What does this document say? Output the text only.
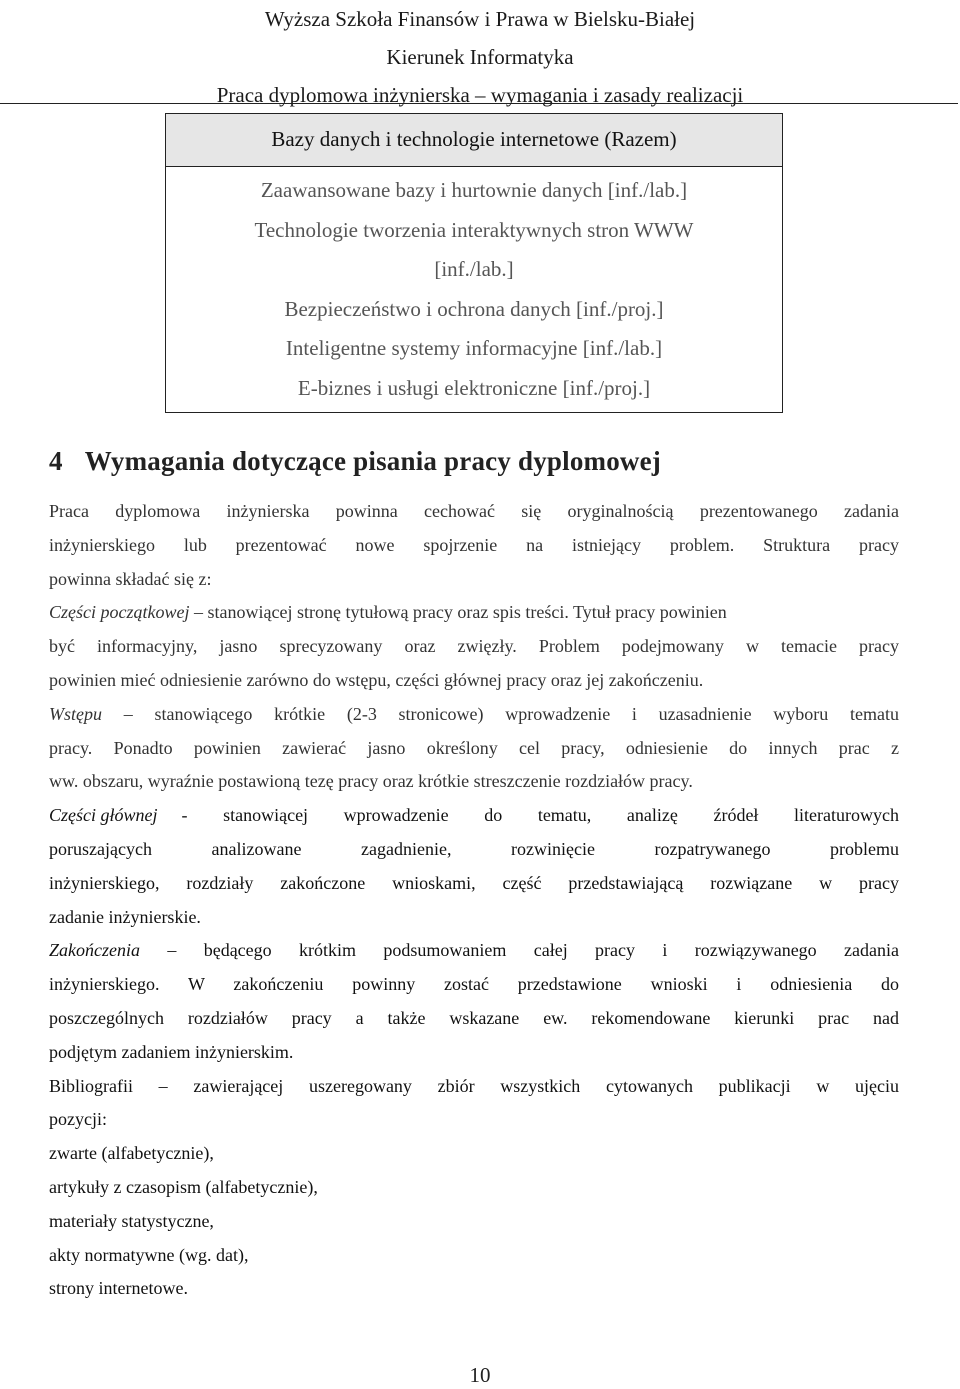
Wyższa Szkoła Finansów i Prawa w Bielsku-Białej
Kierunek Informatyka
Praca dyplomowa inżynierska – wymagania i zasady realizacji
Bazy danych i technologie internetowe (Razem)
Zaawansowane bazy i hurtownie danych [inf./lab.]
Technologie tworzenia interaktywnych stron WWW
[inf./lab.]
Bezpieczeństwo i ochrona danych [inf./proj.]
Inteligentne systemy informacyjne [inf./lab.]
E-biznes i usługi elektroniczne [inf./proj.]
4 Wymagania dotyczące pisania pracy dyplomowej
Praca dyplomowa inżynierska powinna cechować się oryginalnością prezentowanego zadania
inżynierskiego lub prezentować nowe spojrzenie na istniejący problem. Struktura pracy
powinna składać się z:
Części początkowej – stanowiącej stronę tytułową pracy oraz spis treści. Tytuł pracy powinien
być informacyjny, jasno sprecyzowany oraz zwięzły. Problem podejmowany w temacie pracy
powinien mieć odniesienie zarówno do wstępu, części głównej pracy oraz jej zakończeniu.
Wstępu – stanowiącego krótkie (2-3 stronicowe) wprowadzenie i uzasadnienie wyboru tematu
pracy. Ponadto powinien zawierać jasno określony cel pracy, odniesienie do innych prac z
ww. obszaru, wyraźnie postawioną tezę pracy oraz krótkie streszczenie rozdziałów pracy.
Części głównej - stanowiącej wprowadzenie do tematu, analizę źródeł literaturowych
poruszających analizowane zagadnienie, rozwinięcie rozpatrywanego problemu
inżynierskiego, rozdziały zakończone wnioskami, część przedstawiającą rozwiązane w pracy
zadanie inżynierskie.
Zakończenia – będącego krótkim podsumowaniem całej pracy i rozwiązywanego zadania
inżynierskiego. W zakończeniu powinny zostać przedstawione wnioski i odniesienia do
poszczególnych rozdziałów pracy a także wskazane ew. rekomendowane kierunki prac nad
podjętym zadaniem inżynierskim.
Bibliografii – zawierającej uszeregowany zbiór wszystkich cytowanych publikacji w ujęciu
pozycji:
zwarte (alfabetycznie),
artykuły z czasopism (alfabetycznie),
materiały statystyczne,
akty normatywne (wg. dat),
strony internetowe.
10
